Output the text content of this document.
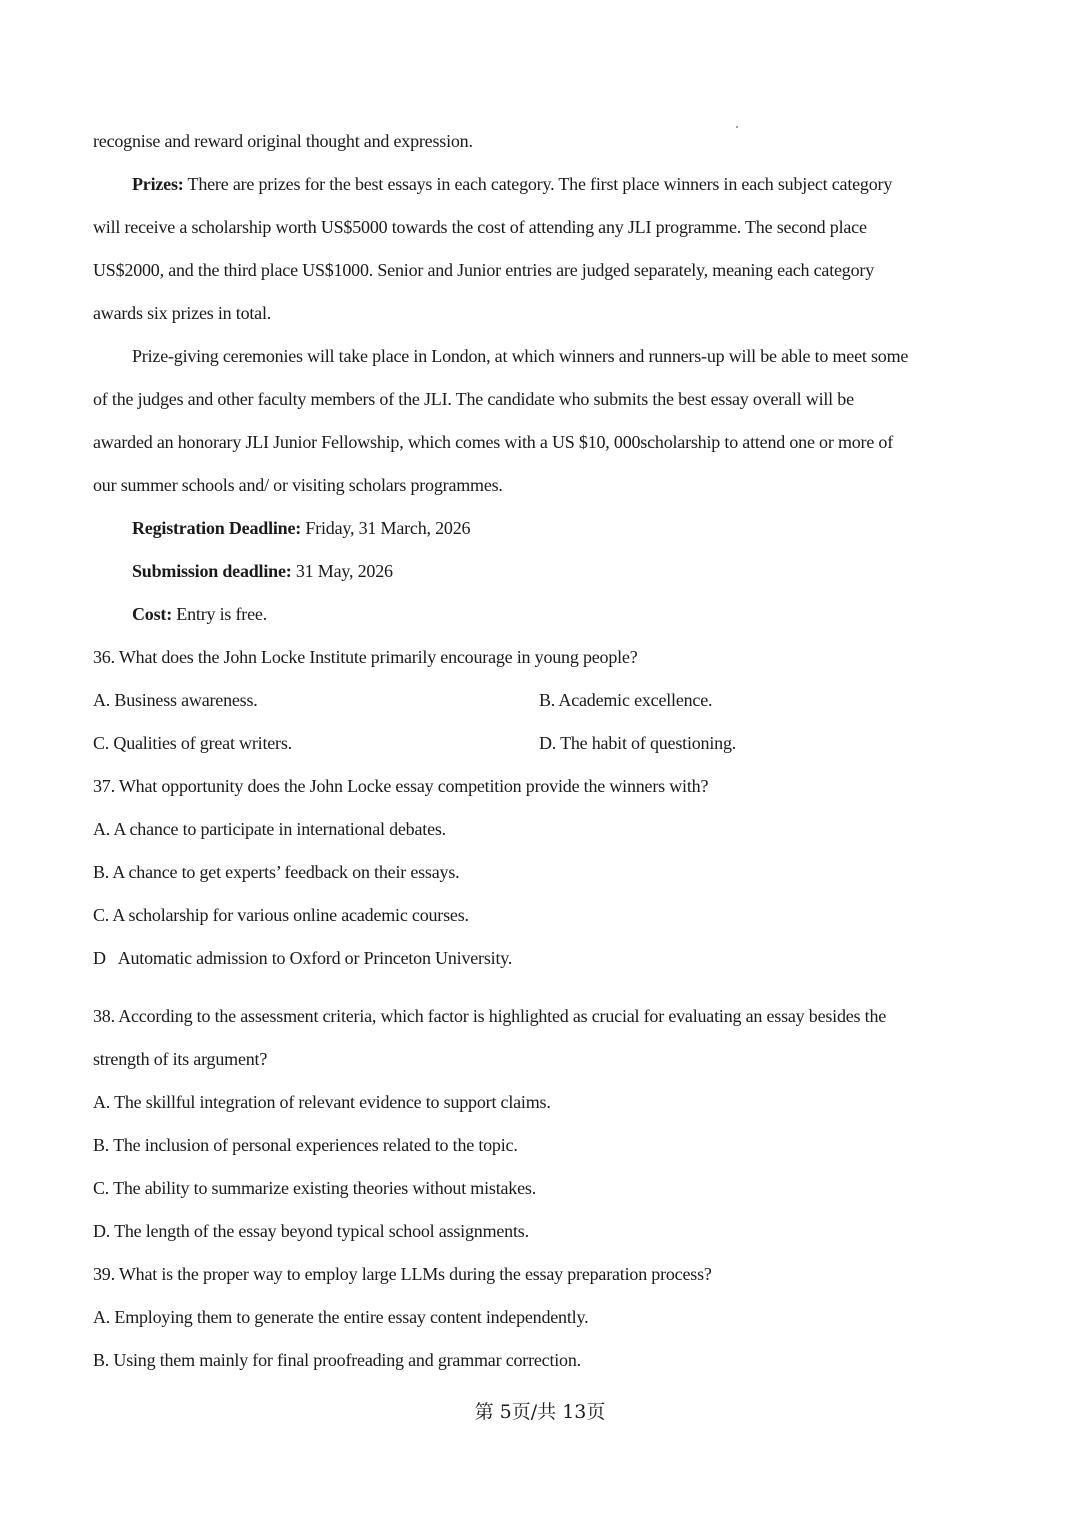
recognise and reward original thought and expression.

Prizes: There are prizes for the best essays in each category. The first place winners in each subject category

will receive a scholarship worth US$5000 towards the cost of attending any JLI programme. The second place

US$2000, and the third place US$1000. Senior and Junior entries are judged separately, meaning each category

awards six prizes in total.

Prize-giving ceremonies will take place in London, at which winners and runners-up will be able to meet some

of the judges and other faculty members of the JLI. The candidate who submits the best essay overall will be

awarded an honorary JLI Junior Fellowship, which comes with a US $10, 000scholarship to attend one or more of

our summer schools and/ or visiting scholars programmes.

Registration Deadline: Friday, 31 March, 2026

Submission deadline: 31 May, 2026

Cost: Entry is free.

36. What does the John Locke Institute primarily encourage in young people?

A. Business awareness.	B. Academic excellence.
C. Qualities of great writers.	D. The habit of questioning.

37. What opportunity does the John Locke essay competition provide the winners with?

A. A chance to participate in international debates.

B. A chance to get experts’ feedback on their essays.

C. A scholarship for various online academic courses.

D   Automatic admission to Oxford or Princeton University.

38. According to the assessment criteria, which factor is highlighted as crucial for evaluating an essay besides the

strength of its argument?

A. The skillful integration of relevant evidence to support claims.

B. The inclusion of personal experiences related to the topic.

C. The ability to summarize existing theories without mistakes.

D. The length of the essay beyond typical school assignments.

39. What is the proper way to employ large LLMs during the essay preparation process?

A. Employing them to generate the entire essay content independently.

B. Using them mainly for final proofreading and grammar correction.

第 5页/共 13页
